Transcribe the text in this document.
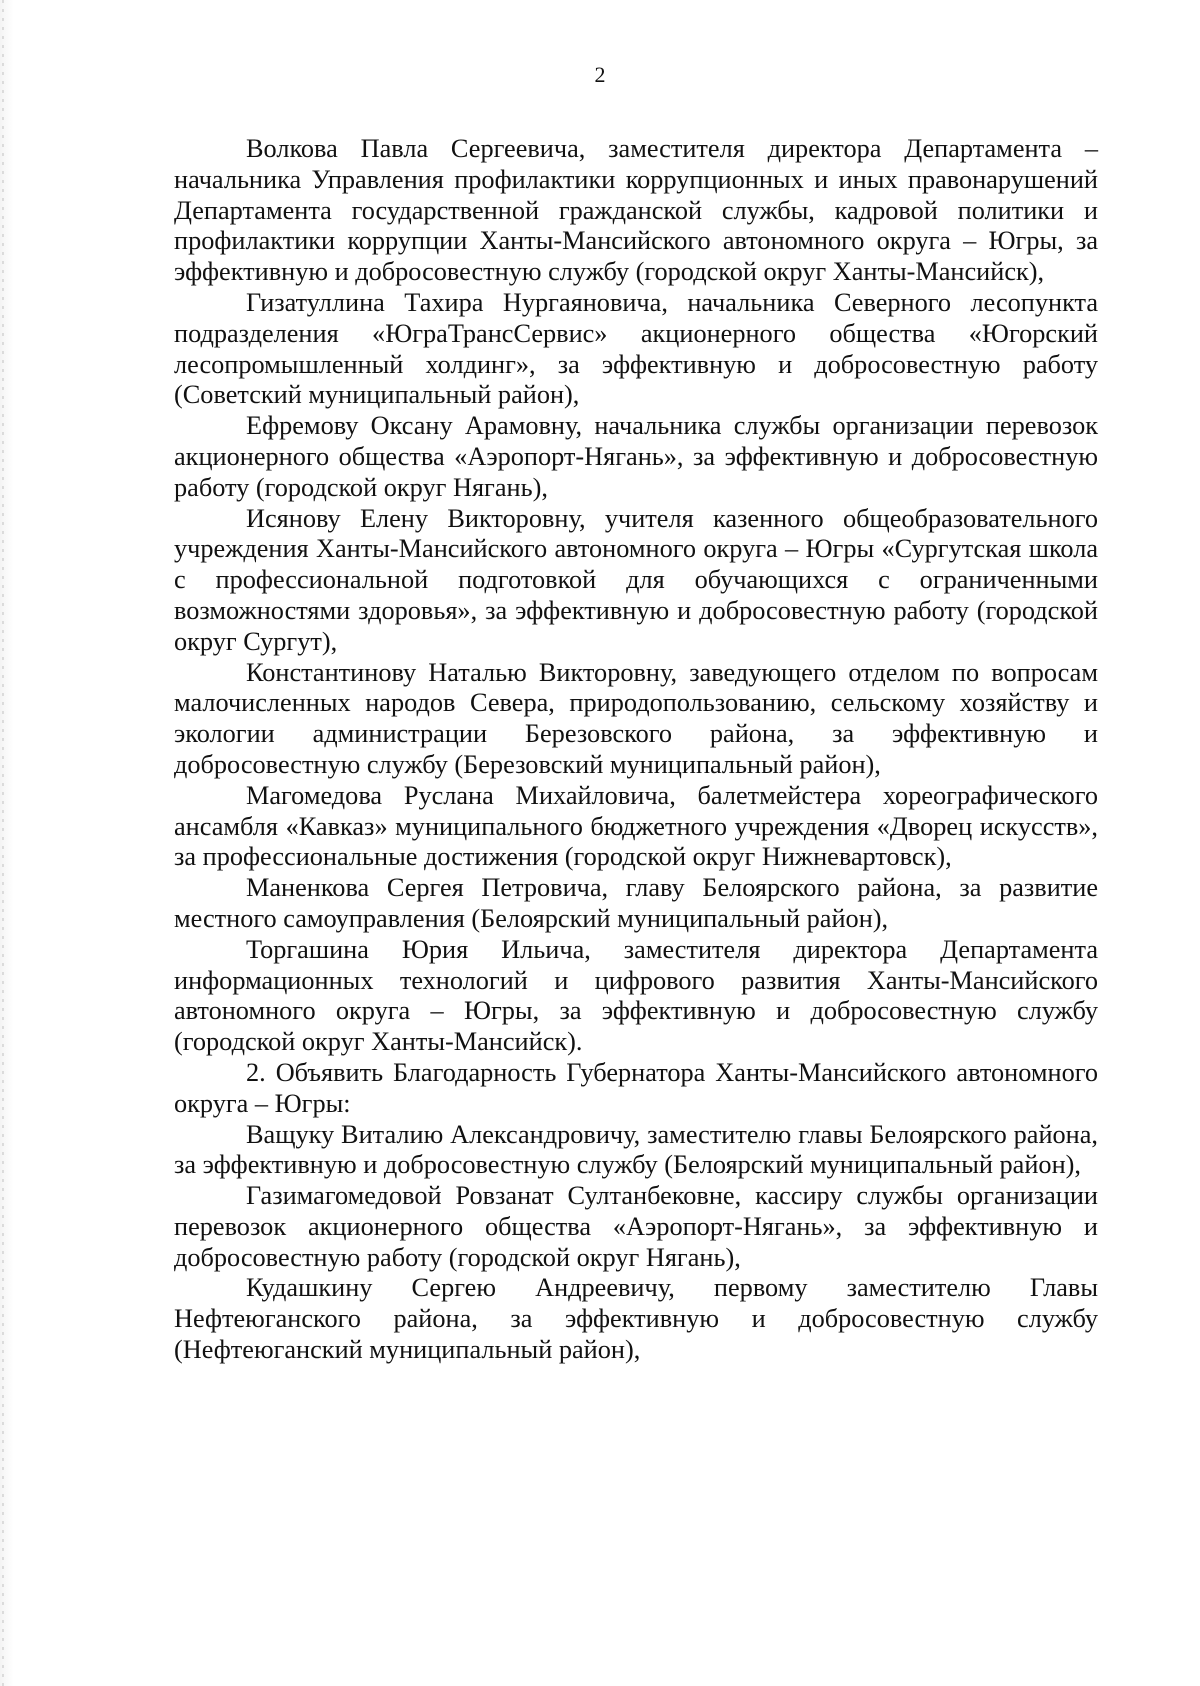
2

Волкова Павла Сергеевича, заместителя директора Департамента – начальника Управления профилактики коррупционных и иных правонарушений Департамента государственной гражданской службы, кадровой политики и профилактики коррупции Ханты-Мансийского автономного округа – Югры, за эффективную и добросовестную службу (городской округ Ханты-Мансийск),

Гизатуллина Тахира Нургаяновича, начальника Северного лесопункта подразделения «ЮграТрансСервис» акционерного общества «Югорский лесопромышленный холдинг», за эффективную и добросовестную работу (Советский муниципальный район),

Ефремову Оксану Арамовну, начальника службы организации перевозок акционерного общества «Аэропорт-Нягань», за эффективную и добросовестную работу (городской округ Нягань),

Исянову Елену Викторовну, учителя казенного общеобразовательного учреждения Ханты-Мансийского автономного округа – Югры «Сургутская школа с профессиональной подготовкой для обучающихся с ограниченными возможностями здоровья», за эффективную и добросовестную работу (городской округ Сургут),

Константинову Наталью Викторовну, заведующего отделом по вопросам малочисленных народов Севера, природопользованию, сельскому хозяйству и экологии администрации Березовского района, за эффективную и добросовестную службу (Березовский муниципальный район),

Магомедова Руслана Михайловича, балетмейстера хореографического ансамбля «Кавказ» муниципального бюджетного учреждения «Дворец искусств», за профессиональные достижения (городской округ Нижневартовск),

Маненкова Сергея Петровича, главу Белоярского района, за развитие местного самоуправления (Белоярский муниципальный район),

Торгашина Юрия Ильича, заместителя директора Департамента информационных технологий и цифрового развития Ханты-Мансийского автономного округа – Югры, за эффективную и добросовестную службу (городской округ Ханты-Мансийск).

2. Объявить Благодарность Губернатора Ханты-Мансийского автономного округа – Югры:

Ващуку Виталию Александровичу, заместителю главы Белоярского района, за эффективную и добросовестную службу (Белоярский муниципальный район),

Газимагомедовой Ровзанат Султанбековне, кассиру службы организации перевозок акционерного общества «Аэропорт-Нягань», за эффективную и добросовестную работу (городской округ Нягань),

Кудашкину Сергею Андреевичу, первому заместителю Главы Нефтеюганского района, за эффективную и добросовестную службу (Нефтеюганский муниципальный район),
